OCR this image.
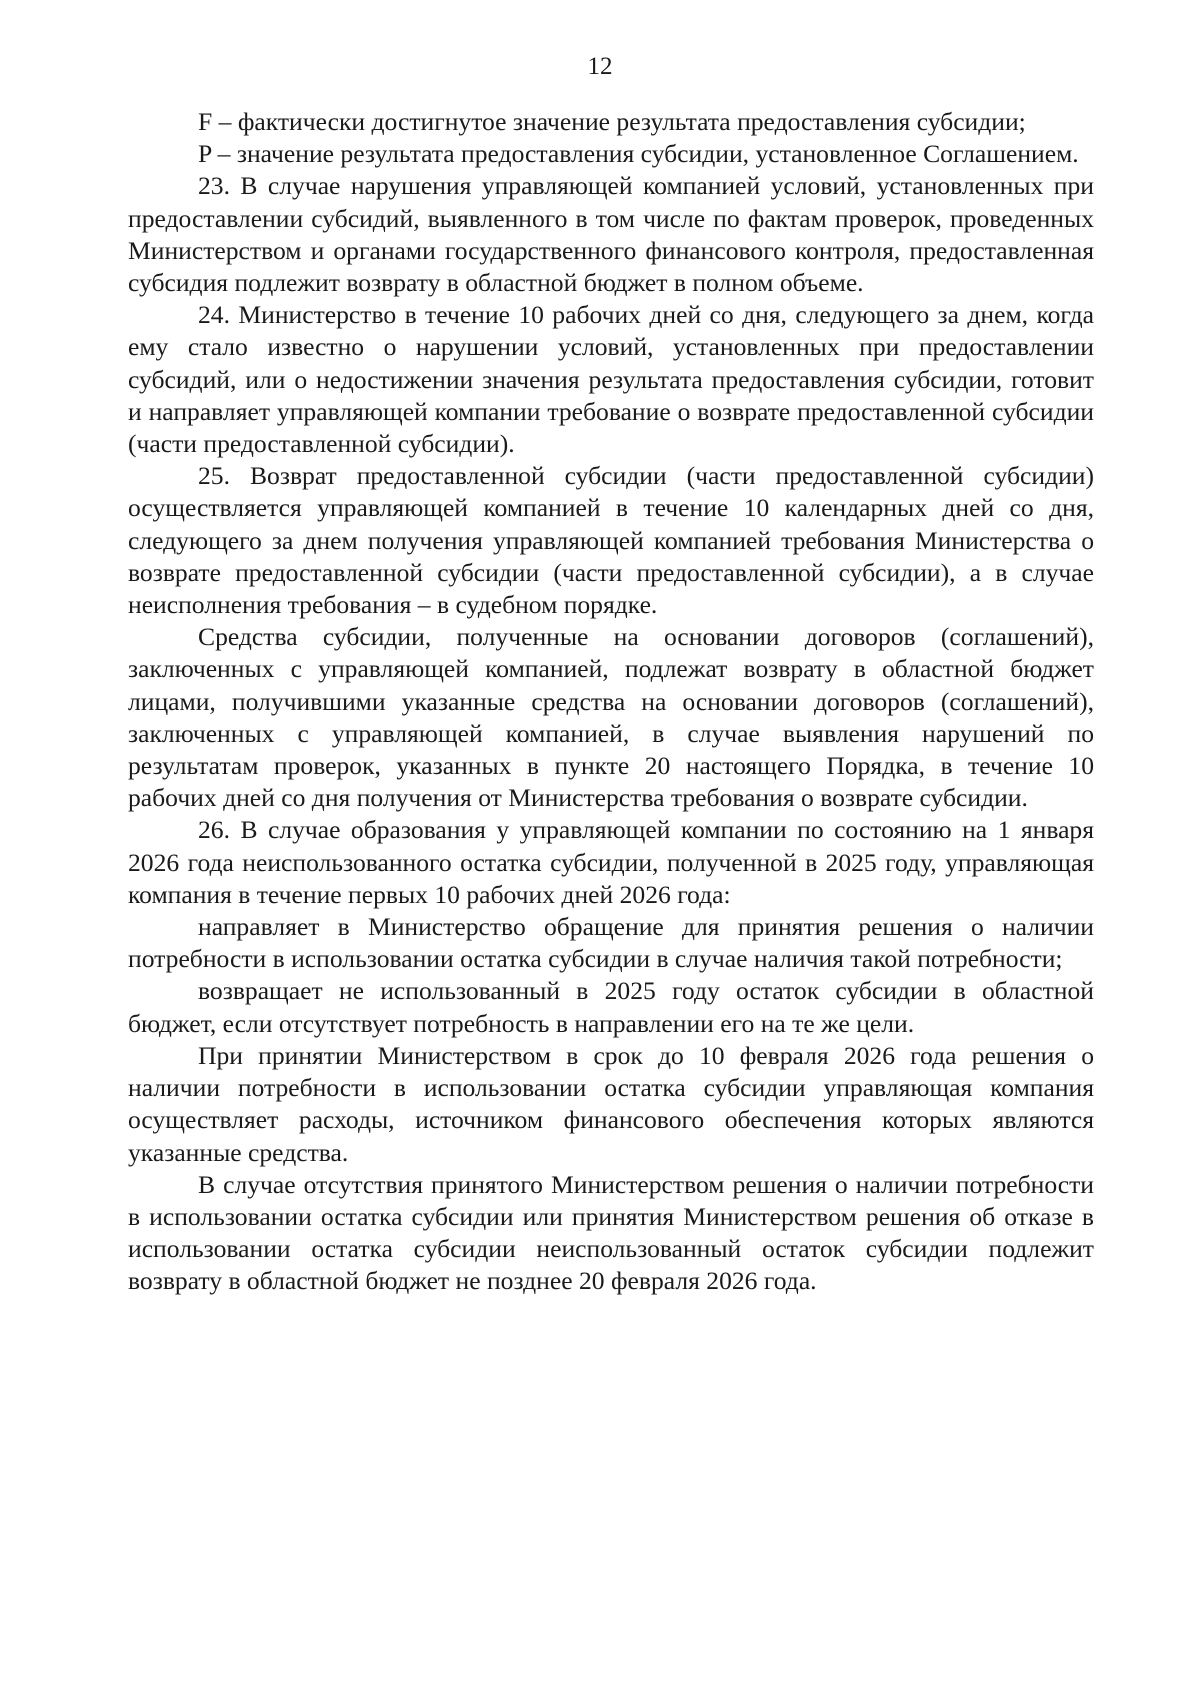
12

F – фактически достигнутое значение результата предоставления субсидии;

P – значение результата предоставления субсидии, установленное Соглашением.

23. В случае нарушения управляющей компанией условий, установленных при предоставлении субсидий, выявленного в том числе по фактам проверок, проведенных Министерством и органами государственного финансового контроля, предоставленная субсидия подлежит возврату в областной бюджет в полном объеме.

24. Министерство в течение 10 рабочих дней со дня, следующего за днем, когда ему стало известно о нарушении условий, установленных при предоставлении субсидий, или о недостижении значения результата предоставления субсидии, готовит и направляет управляющей компании требование о возврате предоставленной субсидии (части предоставленной субсидии).

25. Возврат предоставленной субсидии (части предоставленной субсидии) осуществляется управляющей компанией в течение 10 календарных дней со дня, следующего за днем получения управляющей компанией требования Министерства о возврате предоставленной субсидии (части предоставленной субсидии), а в случае неисполнения требования – в судебном порядке.

Средства субсидии, полученные на основании договоров (соглашений), заключенных с управляющей компанией, подлежат возврату в областной бюджет лицами, получившими указанные средства на основании договоров (соглашений), заключенных с управляющей компанией, в случае выявления нарушений по результатам проверок, указанных в пункте 20 настоящего Порядка, в течение 10 рабочих дней со дня получения от Министерства требования о возврате субсидии.

26. В случае образования у управляющей компании по состоянию на 1 января 2026 года неиспользованного остатка субсидии, полученной в 2025 году, управляющая компания в течение первых 10 рабочих дней 2026 года:

направляет в Министерство обращение для принятия решения о наличии потребности в использовании остатка субсидии в случае наличия такой потребности;

возвращает не использованный в 2025 году остаток субсидии в областной бюджет, если отсутствует потребность в направлении его на те же цели.

При принятии Министерством в срок до 10 февраля 2026 года решения о наличии потребности в использовании остатка субсидии управляющая компания осуществляет расходы, источником финансового обеспечения которых являются указанные средства.

В случае отсутствия принятого Министерством решения о наличии потребности в использовании остатка субсидии или принятия Министерством решения об отказе в использовании остатка субсидии неиспользованный остаток субсидии подлежит возврату в областной бюджет не позднее 20 февраля 2026 года.
